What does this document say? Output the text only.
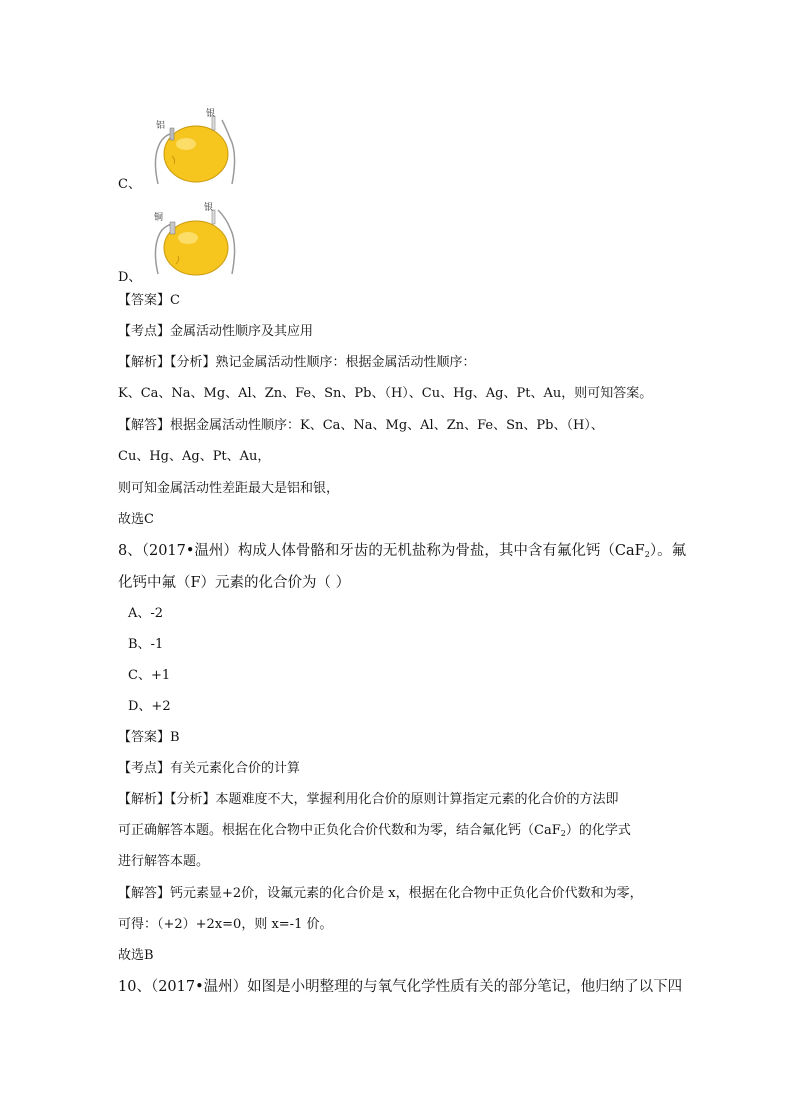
铝
银
C、
铜
银
D、
【答案】C
【考点】金属活动性顺序及其应用
【解析】【分析】熟记金属活动性顺序：根据金属活动性顺序：
K、Ca、Na、Mg、Al、Zn、Fe、Sn、Pb、（H）、Cu、Hg、Ag、Pt、Au，则可知答案。
【解答】根据金属活动性顺序：K、Ca、Na、Mg、Al、Zn、Fe、Sn、Pb、（H）、
Cu、Hg、Ag、Pt、Au，
则可知金属活动性差距最大是铝和银，
故选C
8、（2017•温州）构成人体骨骼和牙齿的无机盐称为骨盐，其中含有氟化钙（CaF$_2$）。氟
化钙中氟（F）元素的化合价为（ ）
A、-2
B、-1
C、+1
D、+2
【答案】B
【考点】有关元素化合价的计算
【解析】【分析】本题难度不大，掌握利用化合价的原则计算指定元素的化合价的方法即
可正确解答本题。根据在化合物中正负化合价代数和为零，结合氟化钙（CaF$_2$）的化学式
进行解答本题。
【解答】钙元素显+2价，设氟元素的化合价是 x，根据在化合物中正负化合价代数和为零，
可得：（+2）+2x=0，则 x=-1 价。
故选B
10、（2017•温州）如图是小明整理的与氧气化学性质有关的部分笔记，他归纳了以下四
